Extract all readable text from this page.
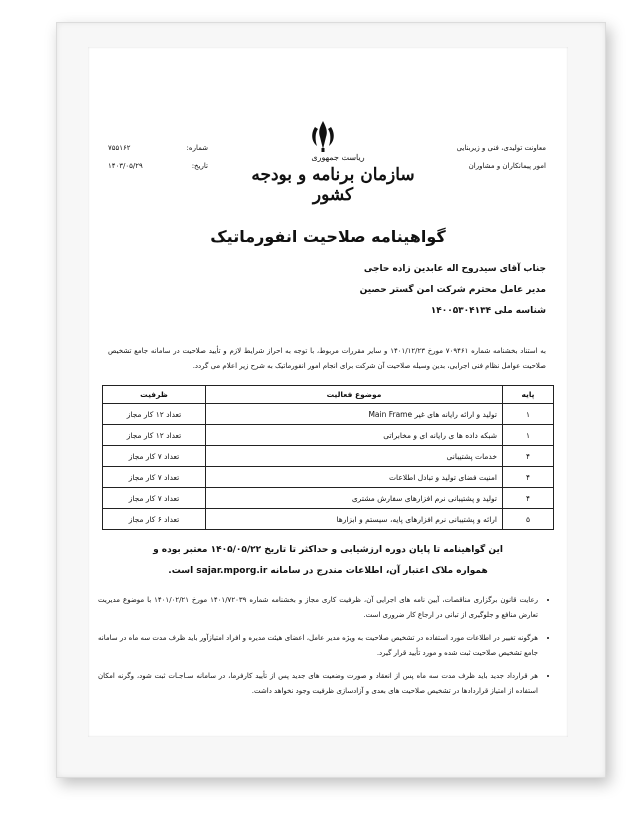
معاونت تولیدی، فنی و زیربنایی
امور پیمانکاران و مشاوران
ریاست جمهوری
سازمان برنامه و بودجه کشور
شماره:
۷۵۵۱۶۲
تاریخ:
۱۴۰۳/۰۵/۲۹
گواهینامه صلاحیت انفورماتیک
جناب آقای سیدروح اله عابدین زاده حاجی
مدیر عامل محترم شرکت امن گستر حصین
شناسه ملی ۱۴۰۰۵۳۰۴۱۳۴
به استناد بخشنامه شماره ۷۰۹۴۶۱ مورخ ۱۴۰۱/۱۲/۲۳ و سایر مقررات مربوط، با توجه به احراز شرایط لازم و تأیید صلاحیت در سامانه جامع تشخیص صلاحیت عوامل نظام فنی اجرایی، بدین وسیله صلاحیت آن شرکت برای انجام امور انفورماتیک به شرح زیر اعلام می گردد.
پایه	موضوع فعالیت	ظرفیت
۱	تولید و ارائه رایانه های غیر Main Frame	تعداد ۱۲ کار مجاز
۱	شبکه داده ها ی رایانه ای و مخابراتی	تعداد ۱۲ کار مجاز
۴	خدمات پشتیبانی	تعداد ۷ کار مجاز
۴	امنیت فضای تولید و تبادل اطلاعات	تعداد ۷ کار مجاز
۴	تولید و پشتیبانی نرم افزارهای سفارش مشتری	تعداد ۷ کار مجاز
۵	ارائه و پشتیبانی نرم افزارهای پایه، سیستم و ابزارها	تعداد ۶ کار مجاز
این گواهینامه تا پایان دوره ارزشیابی و حداکثر تا تاریخ ۱۴۰۵/۰۵/۲۲ معتبر بوده و
همواره ملاک اعتبار آن، اطلاعات مندرج در سامانه sajar.mporg.ir است.
• رعایت قانون برگزاری مناقصات، آیین نامه های اجرایی آن، ظرفیت کاری مجاز و بخشنامه شماره ۱۴۰۱/۷۲۰۳۹ مورخ ۱۴۰۱/۰۲/۲۱ با موضوع مدیریت تعارض منافع و جلوگیری از تبانی در ارجاع کار ضروری است.
• هرگونه تغییر در اطلاعات مورد استفاده در تشخیص صلاحیت به ویژه مدیر عامل، اعضای هیئت مدیره و افراد امتیازآور باید ظرف مدت سه ماه در سامانه جامع تشخیص صلاحیت ثبت شده و مورد تأیید قرار گیرد.
• هر قرارداد جدید باید ظرف مدت سه ماه پس از انعقاد و صورت وضعیت های جدید پس از تأیید کارفرما، در سامانه سـاجـات ثبت شود، وگرنه امکان استفاده از امتیاز قراردادها در تشخیص صلاحیت های بعدی و آزادسازی ظرفیت وجود نخواهد داشت.
